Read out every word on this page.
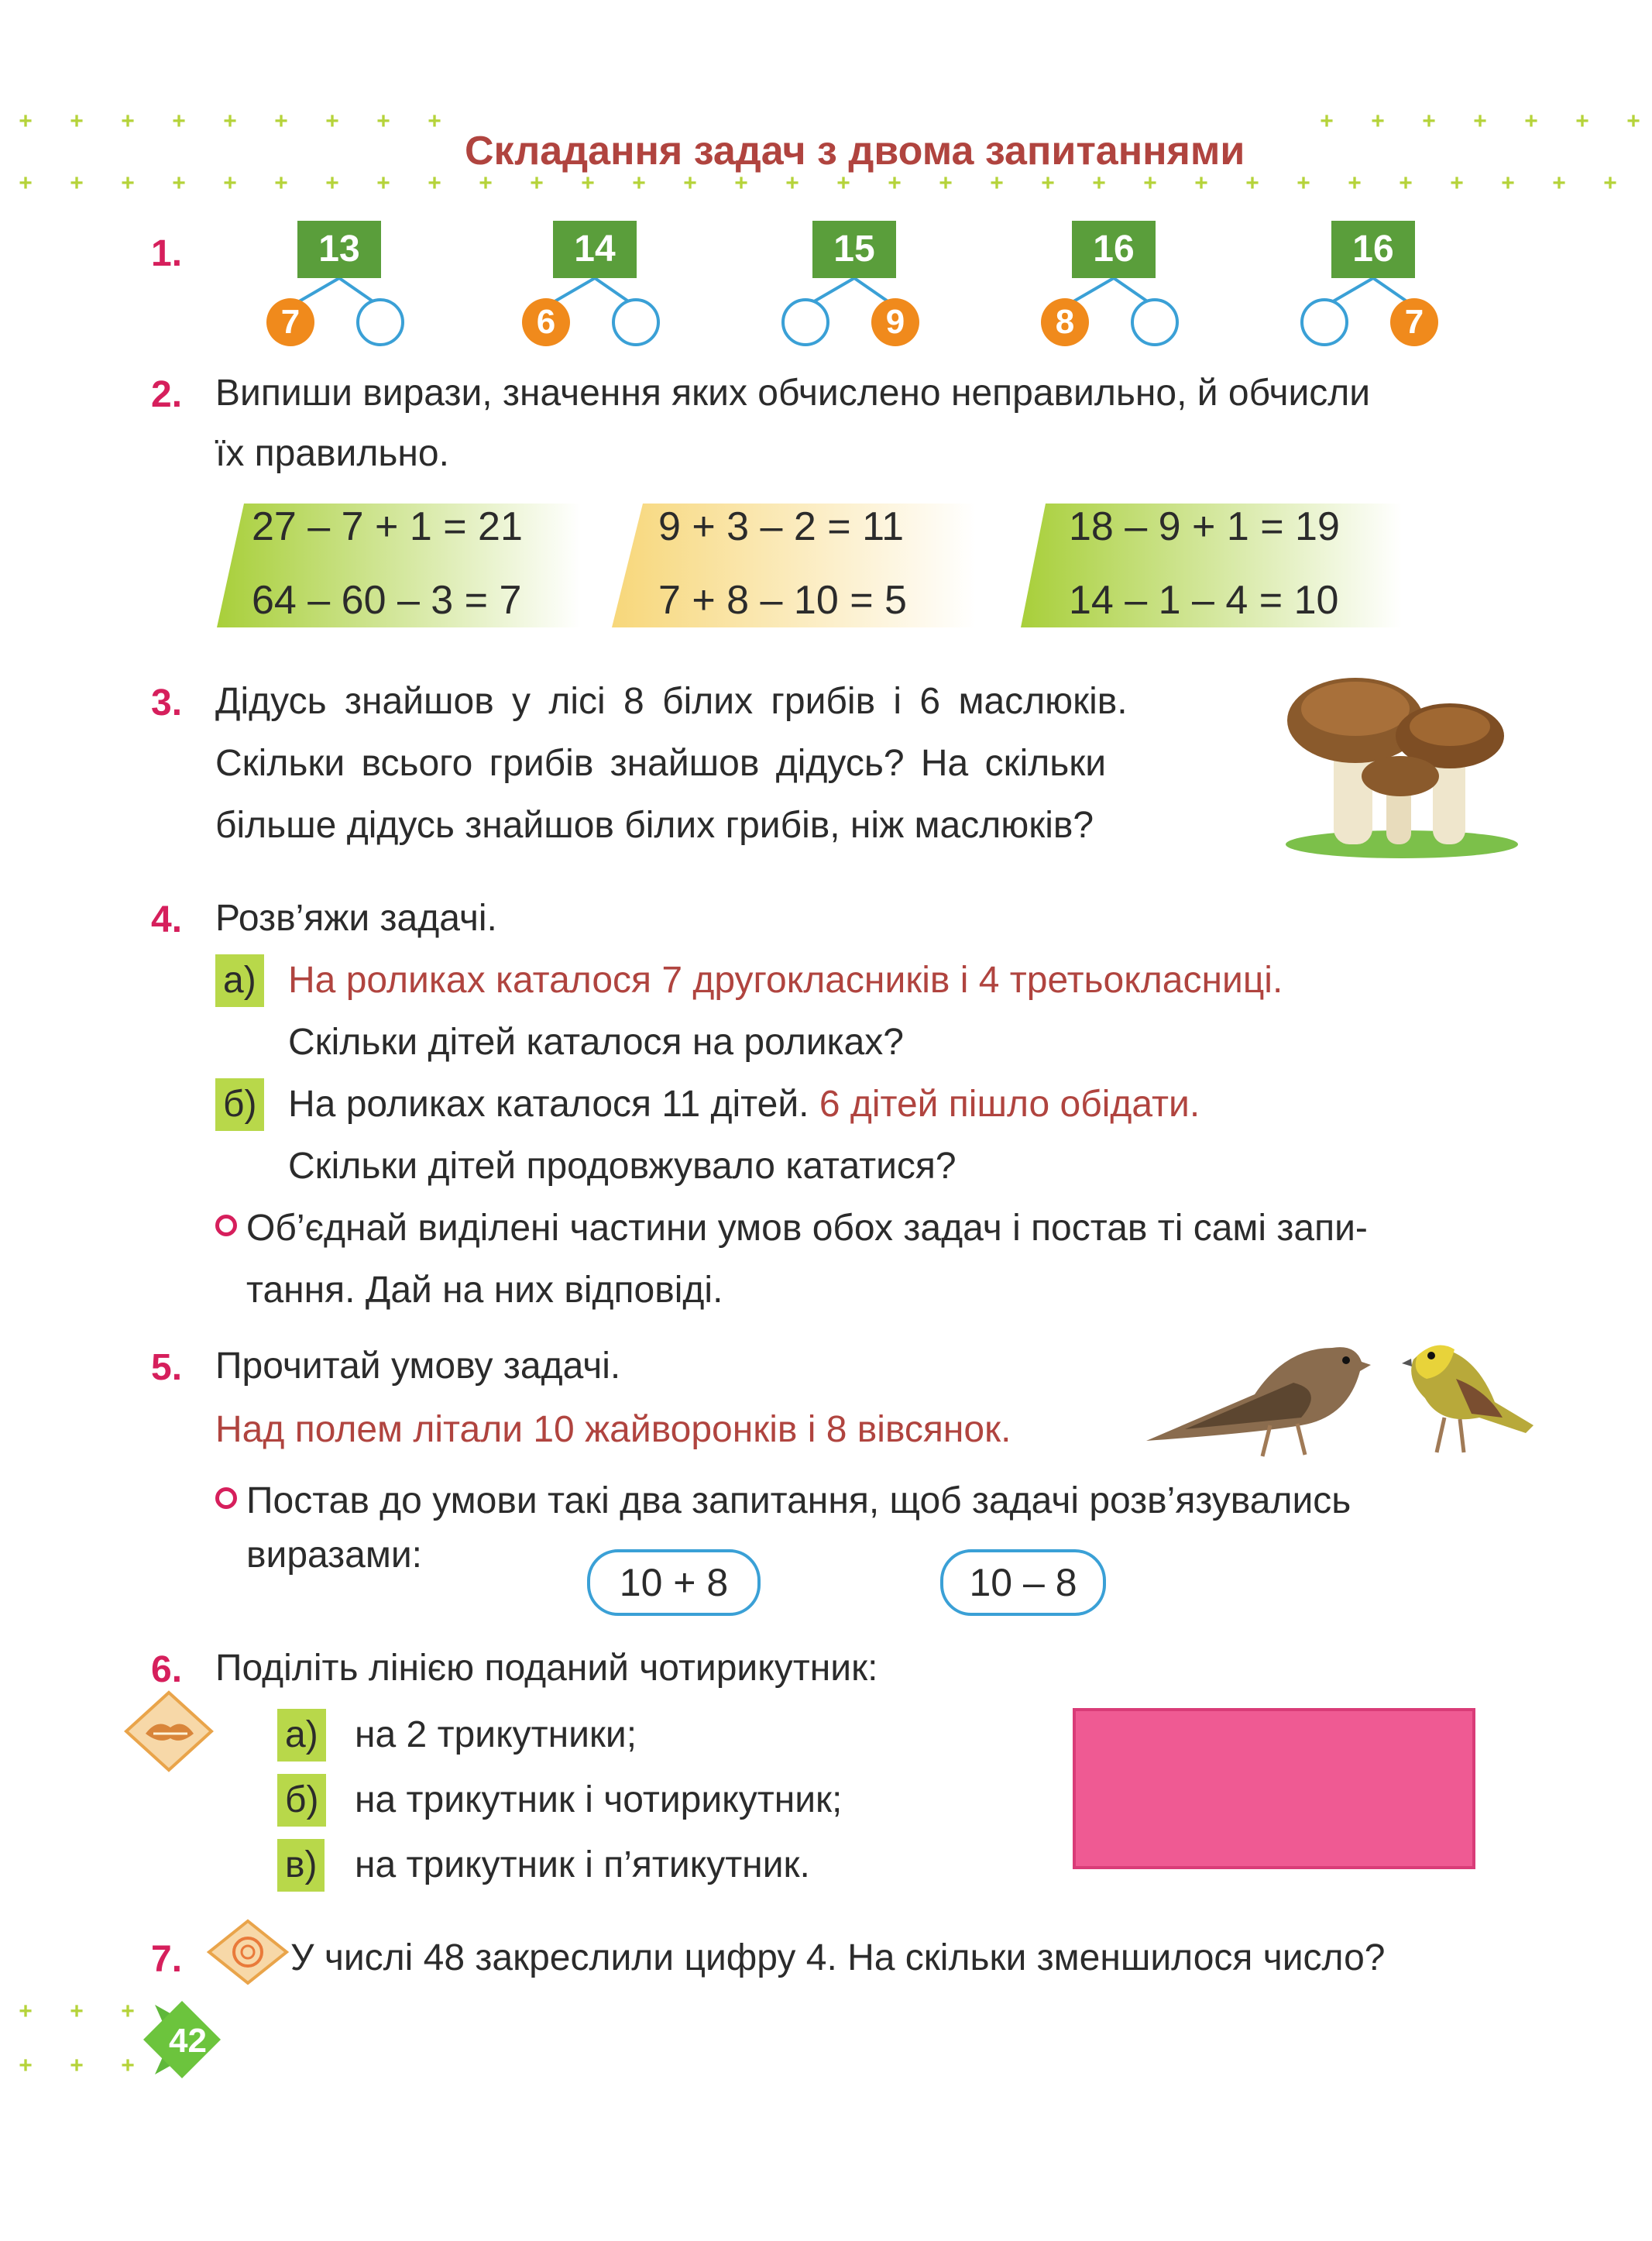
+ + + + + + + + +	+ + + + + + +
+ + + + + + + + + + + + + + + + + + + + + + + + + + + + + + + +
+ + +
+ + +
Складання задач з двома запитаннями
1.	13
7
14
6
15
9
16
8
16
7
2. Випиши вирази, значення яких обчислено неправильно, й обчисли
їх правильно.
27 – 7 + 1 = 21
64 – 60 – 3 = 7
9 + 3 – 2 = 11
7 + 8 – 10 = 5
18 – 9 + 1 = 19
14 – 1 – 4 = 10
3. Дідусь знайшов у лісі 8 білих грибів і 6 маслюків.
Скільки всього грибів знайшов дідусь? На скільки
більше дідусь знайшов білих грибів, ніж маслюків?
4. Розв’яжи задачі.
а) На роликах каталося 7 другокласників і 4 третьокласниці.
Скільки дітей каталося на роликах?
б) На роликах каталося 11 дітей. 6 дітей пішло обідати.
Скільки дітей продовжувало кататися?
Об’єднай виділені частини умов обох задач і постав ті самі запи-
тання. Дай на них відповіді.
5. Прочитай умову задачі.
Над полем літали 10 жайворонків і 8 вівсянок.
Постав до умови такі два запитання, щоб задачі розв’язувались
виразами:
10 + 8	10 – 8
6. Поділіть лінією поданий чотирикутник:
а) на 2 трикутники;
б) на трикутник і чотирикутник;
в) на трикутник і п’ятикутник.
7.	У числі 48 закреслили цифру 4. На скільки зменшилося число?
42
